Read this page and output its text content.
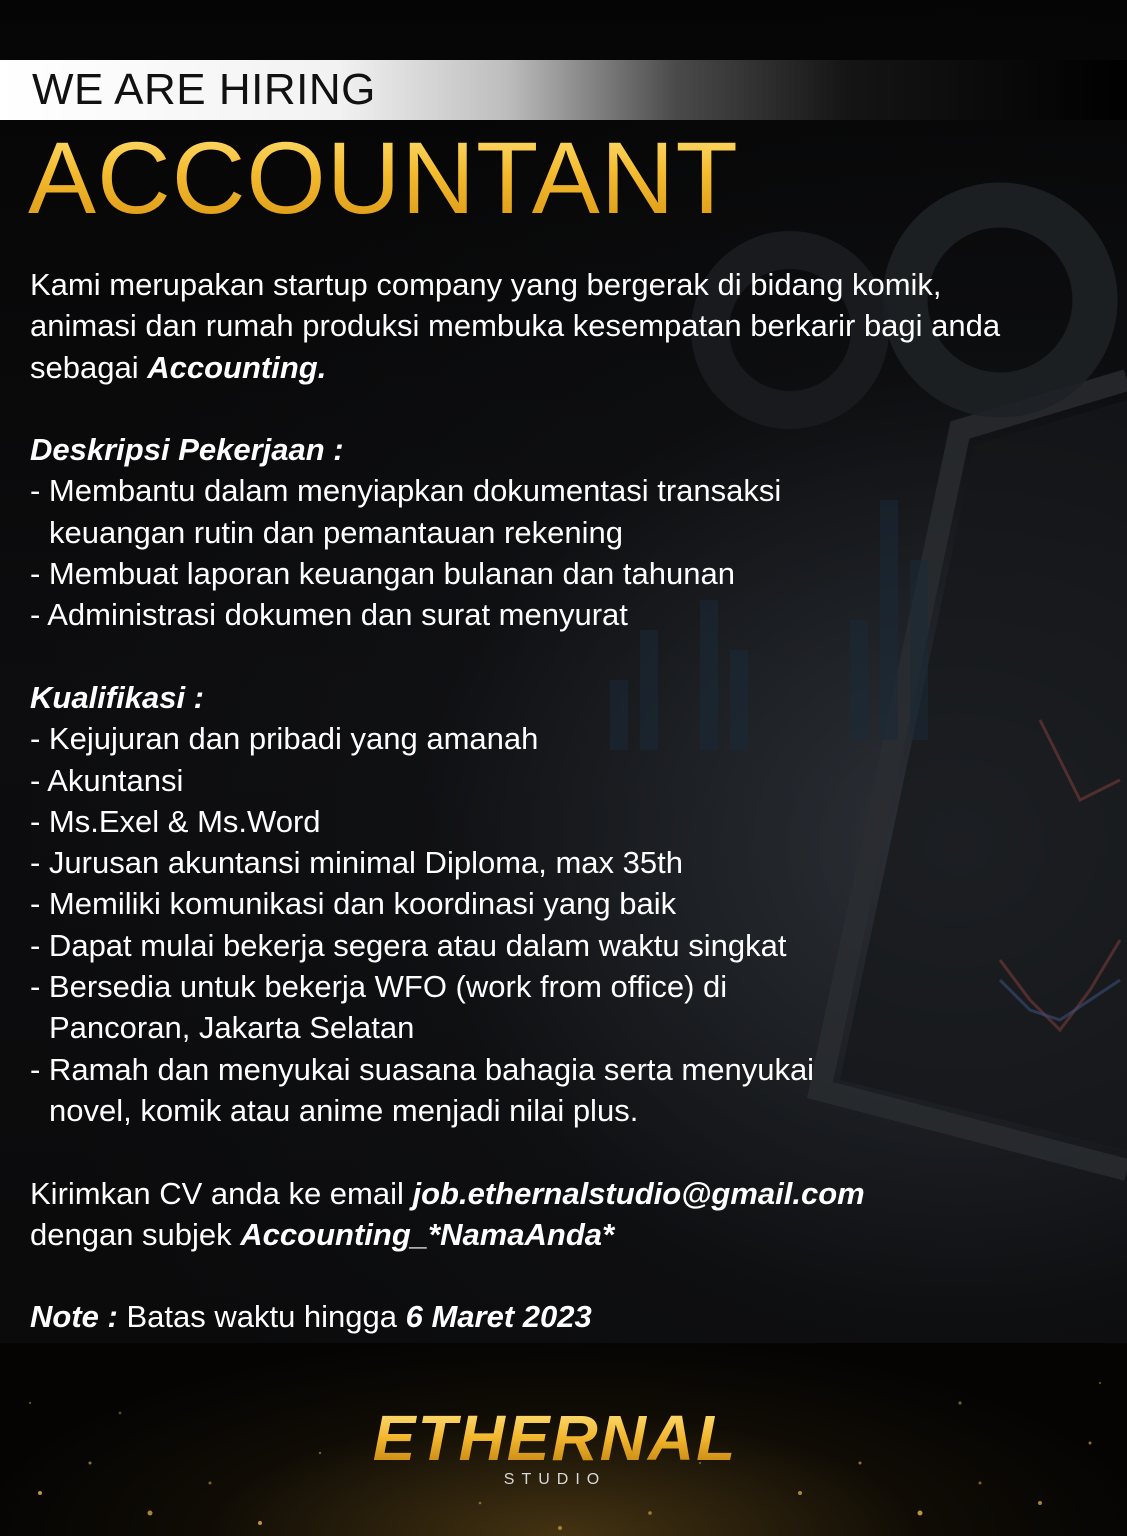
WE ARE HIRING
ACCOUNTANT

Kami merupakan startup company yang bergerak di bidang komik, animasi dan rumah produksi membuka kesempatan berkarir bagi anda sebagai Accounting.

Deskripsi Pekerjaan :

- Membantu dalam menyiapkan dokumentasi transaksi

keuangan rutin dan pemantauan rekening

- Membuat laporan keuangan bulanan dan tahunan

- Administrasi dokumen dan surat menyurat

Kualifikasi :

- Kejujuran dan pribadi yang amanah

- Akuntansi

- Ms.Exel & Ms.Word

- Jurusan akuntansi minimal Diploma, max 35th

- Memiliki komunikasi dan koordinasi yang baik

- Dapat mulai bekerja segera atau dalam waktu singkat

- Bersedia untuk bekerja WFO (work from office) di

Pancoran, Jakarta Selatan

- Ramah dan menyukai suasana bahagia serta menyukai

novel, komik atau anime menjadi nilai plus.

Kirimkan CV anda ke email job.ethernalstudio@gmail.com

dengan subjek Accounting_*NamaAnda*

Note : Batas waktu hingga 6 Maret 2023

ETHERNAL
STUDIO
